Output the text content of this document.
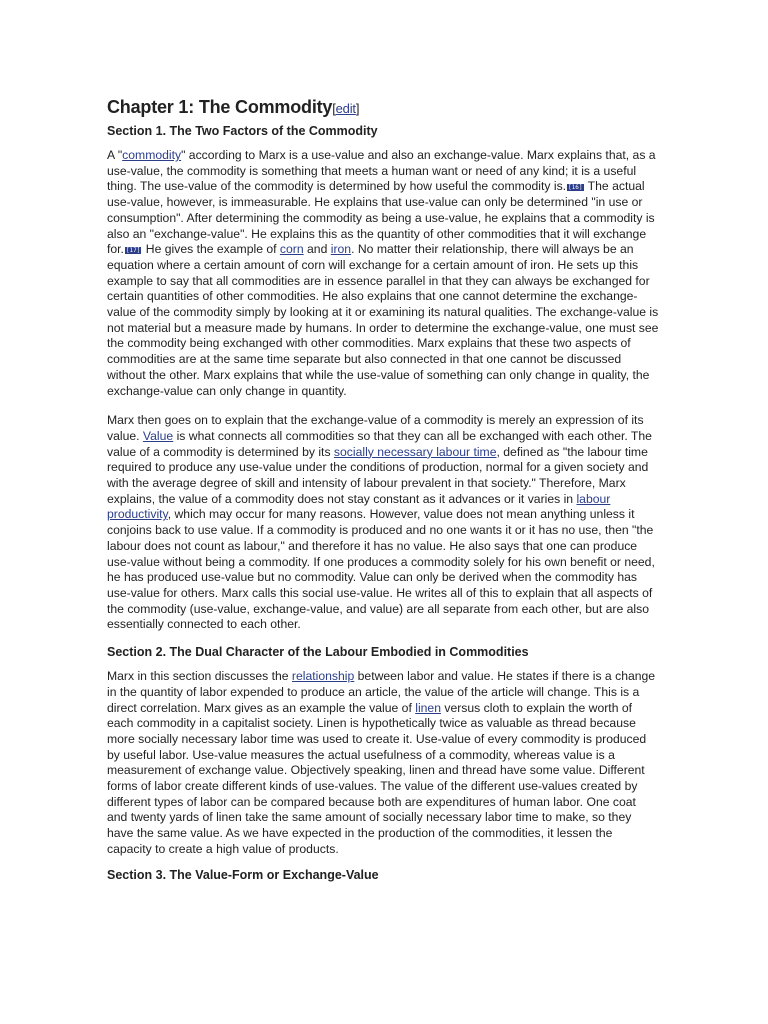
Chapter 1: The Commodity[edit]
Section 1. The Two Factors of the Commodity

A "commodity" according to Marx is a use-value and also an exchange-value. Marx explains that, as a use-value, the commodity is something that meets a human want or need of any kind; it is a useful thing. The use-value of the commodity is determined by how useful the commodity is. [16] The actual use-value, however, is immeasurable. He explains that use-value can only be determined "in use or consumption". After determining the commodity as being a use-value, he explains that a commodity is also an "exchange-value". He explains this as the quantity of other commodities that it will exchange for. [17] He gives the example of corn and iron. No matter their relationship, there will always be an equation where a certain amount of corn will exchange for a certain amount of iron. He sets up this example to say that all commodities are in essence parallel in that they can always be exchanged for certain quantities of other commodities. He also explains that one cannot determine the exchange-value of the commodity simply by looking at it or examining its natural qualities. The exchange-value is not material but a measure made by humans. In order to determine the exchange-value, one must see the commodity being exchanged with other commodities. Marx explains that these two aspects of commodities are at the same time separate but also connected in that one cannot be discussed without the other. Marx explains that while the use-value of something can only change in quality, the exchange-value can only change in quantity.

Marx then goes on to explain that the exchange-value of a commodity is merely an expression of its value. Value is what connects all commodities so that they can all be exchanged with each other. The value of a commodity is determined by its socially necessary labour time, defined as "the labour time required to produce any use-value under the conditions of production, normal for a given society and with the average degree of skill and intensity of labour prevalent in that society." Therefore, Marx explains, the value of a commodity does not stay constant as it advances or it varies in labour productivity, which may occur for many reasons. However, value does not mean anything unless it conjoins back to use value. If a commodity is produced and no one wants it or it has no use, then "the labour does not count as labour," and therefore it has no value. He also says that one can produce use-value without being a commodity. If one produces a commodity solely for his own benefit or need, he has produced use-value but no commodity. Value can only be derived when the commodity has use-value for others. Marx calls this social use-value. He writes all of this to explain that all aspects of the commodity (use-value, exchange-value, and value) are all separate from each other, but are also essentially connected to each other.

Section 2. The Dual Character of the Labour Embodied in Commodities

Marx in this section discusses the relationship between labor and value. He states if there is a change in the quantity of labor expended to produce an article, the value of the article will change. This is a direct correlation. Marx gives as an example the value of linen versus cloth to explain the worth of each commodity in a capitalist society. Linen is hypothetically twice as valuable as thread because more socially necessary labor time was used to create it. Use-value of every commodity is produced by useful labor. Use-value measures the actual usefulness of a commodity, whereas value is a measurement of exchange value. Objectively speaking, linen and thread have some value. Different forms of labor create different kinds of use-values. The value of the different use-values created by different types of labor can be compared because both are expenditures of human labor. One coat and twenty yards of linen take the same amount of socially necessary labor time to make, so they have the same value. As we have expected in the production of the commodities, it lessen the capacity to create a high value of products.

Section 3. The Value-Form or Exchange-Value
